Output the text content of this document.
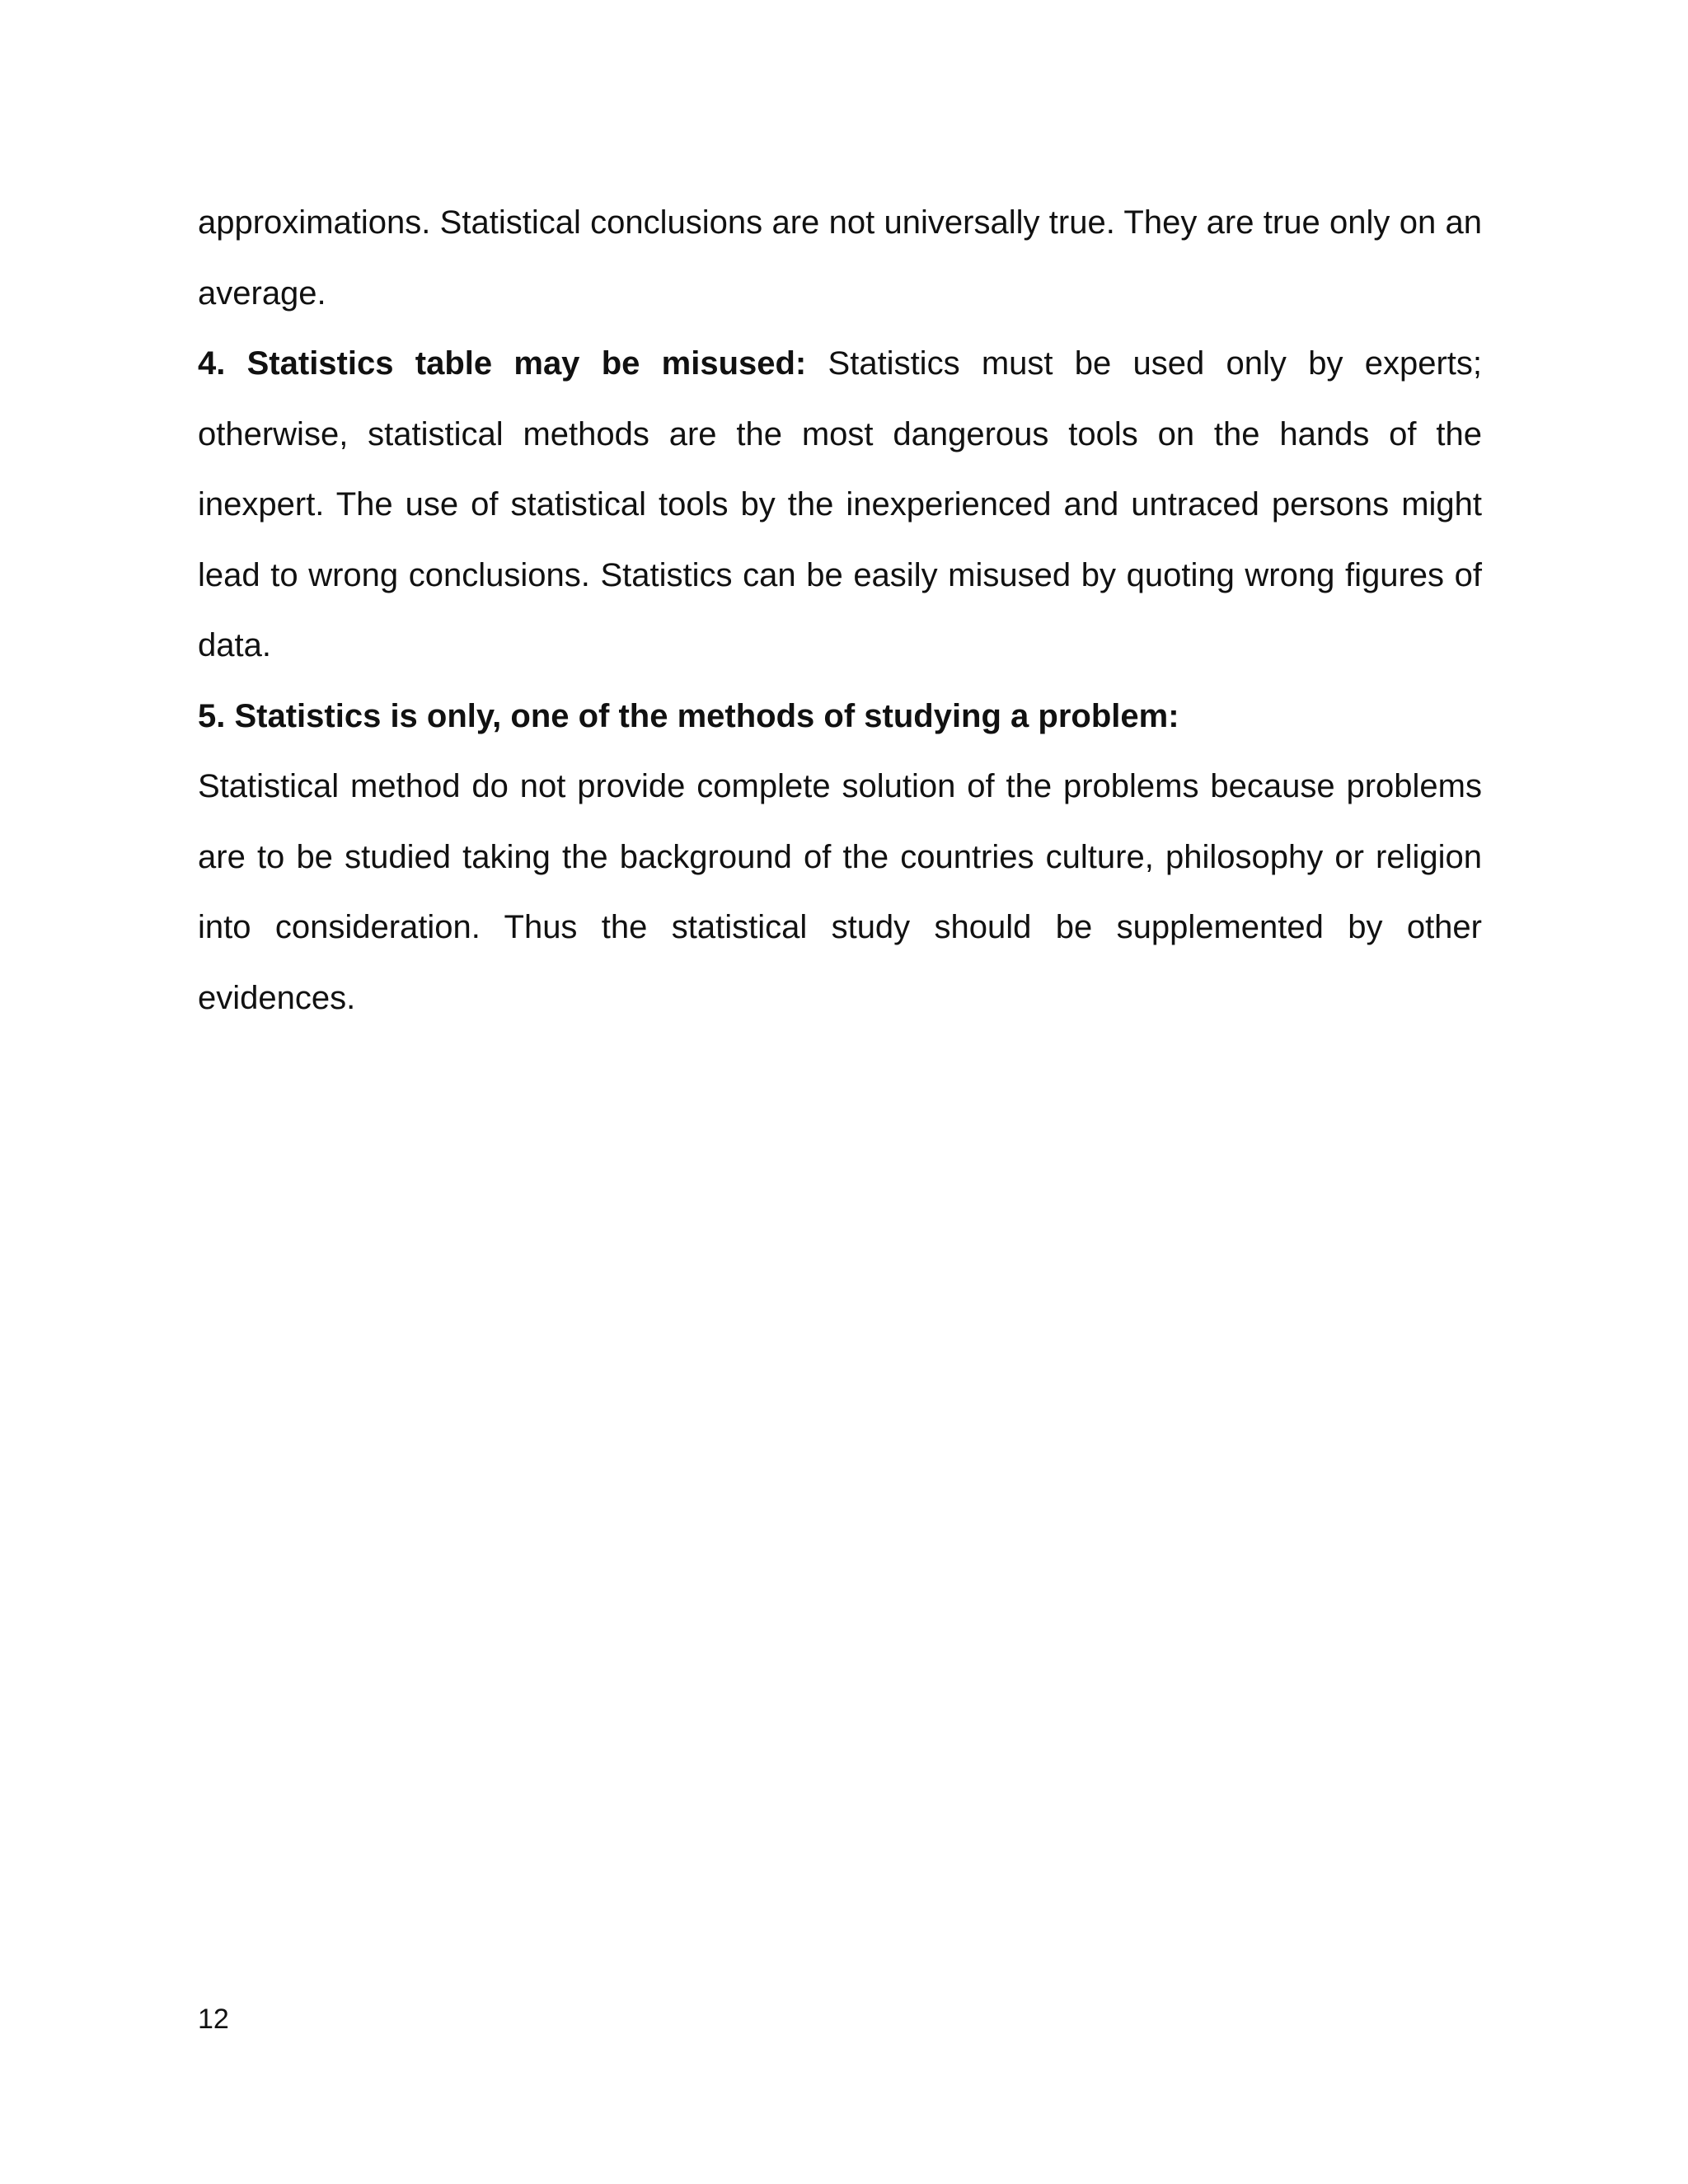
approximations. Statistical conclusions are not universally true. They are true only on an average.

4. Statistics table may be misused: Statistics must be used only by experts; otherwise, statistical methods are the most dangerous tools on the hands of the inexpert. The use of statistical tools by the inexperienced and untraced persons might lead to wrong conclusions. Statistics can be easily misused by quoting wrong figures of data.

5. Statistics is only, one of the methods of studying a problem:

Statistical method do not provide complete solution of the problems because problems are to be studied taking the background of the countries culture, philosophy or religion into consideration. Thus the statistical study should be supplemented by other evidences.

12
